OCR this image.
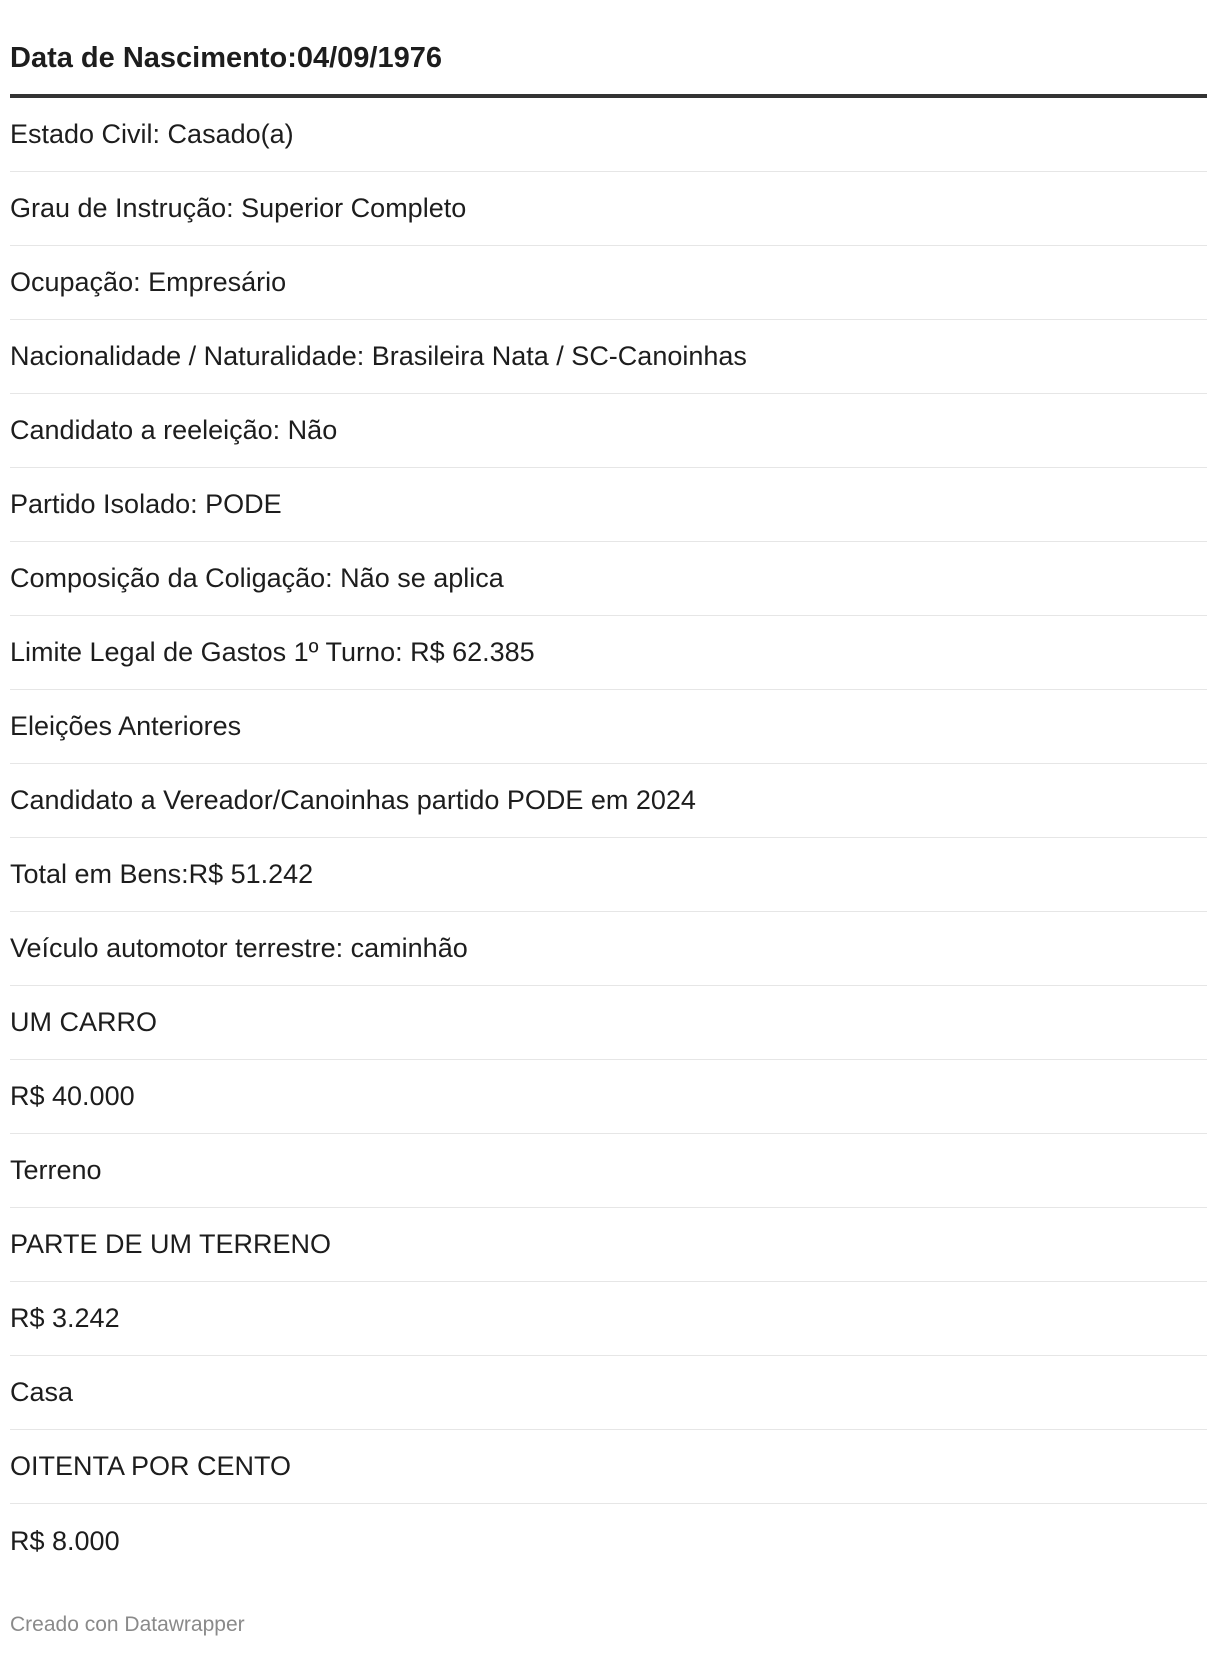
Data de Nascimento:04/09/1976
Estado Civil: Casado(a)
Grau de Instrução: Superior Completo
Ocupação: Empresário
Nacionalidade / Naturalidade: Brasileira Nata / SC-Canoinhas
Candidato a reeleição: Não
Partido Isolado: PODE
Composição da Coligação: Não se aplica
Limite Legal de Gastos 1º Turno: R$ 62.385
Eleições Anteriores
Candidato a Vereador/Canoinhas partido PODE em 2024
Total em Bens:R$ 51.242
Veículo automotor terrestre: caminhão
UM CARRO
R$ 40.000
Terreno
PARTE DE UM TERRENO
R$ 3.242
Casa
OITENTA POR CENTO
R$ 8.000
Creado con Datawrapper
